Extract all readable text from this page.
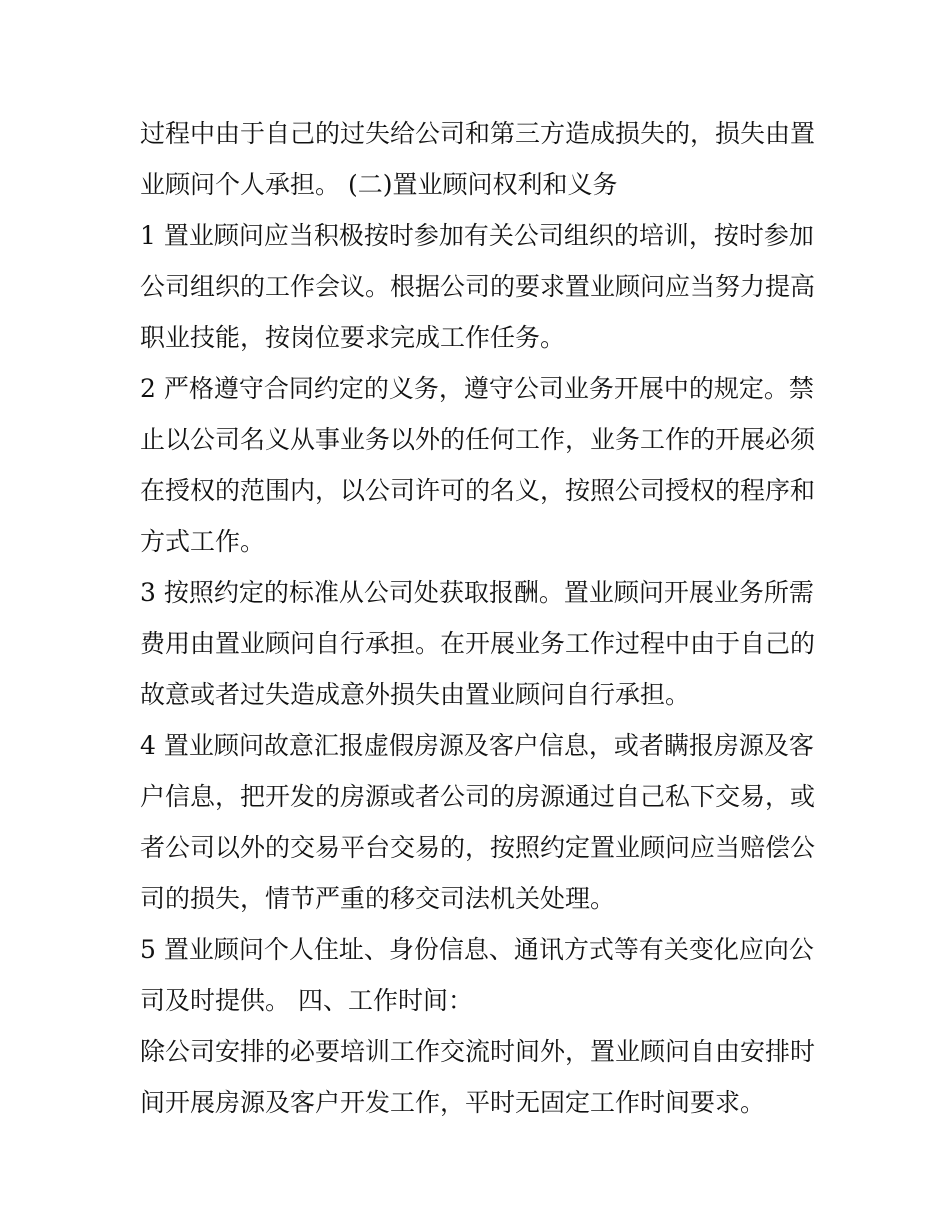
过程中由于自己的过失给公司和第三方造成损失的，损失由置业顾问个人承担。 (二)置业顾问权利和义务

1 置业顾问应当积极按时参加有关公司组织的培训，按时参加公司组织的工作会议。根据公司的要求置业顾问应当努力提高职业技能，按岗位要求完成工作任务。

2 严格遵守合同约定的义务，遵守公司业务开展中的规定。禁止以公司名义从事业务以外的任何工作，业务工作的开展必须在授权的范围内，以公司许可的名义，按照公司授权的程序和方式工作。

3 按照约定的标准从公司处获取报酬。置业顾问开展业务所需费用由置业顾问自行承担。在开展业务工作过程中由于自己的故意或者过失造成意外损失由置业顾问自行承担。

4 置业顾问故意汇报虚假房源及客户信息，或者瞒报房源及客户信息，把开发的房源或者公司的房源通过自己私下交易，或者公司以外的交易平台交易的，按照约定置业顾问应当赔偿公司的损失，情节严重的移交司法机关处理。

5 置业顾问个人住址、身份信息、通讯方式等有关变化应向公司及时提供。 四、工作时间：

除公司安排的必要培训工作交流时间外，置业顾问自由安排时间开展房源及客户开发工作，平时无固定工作时间要求。
